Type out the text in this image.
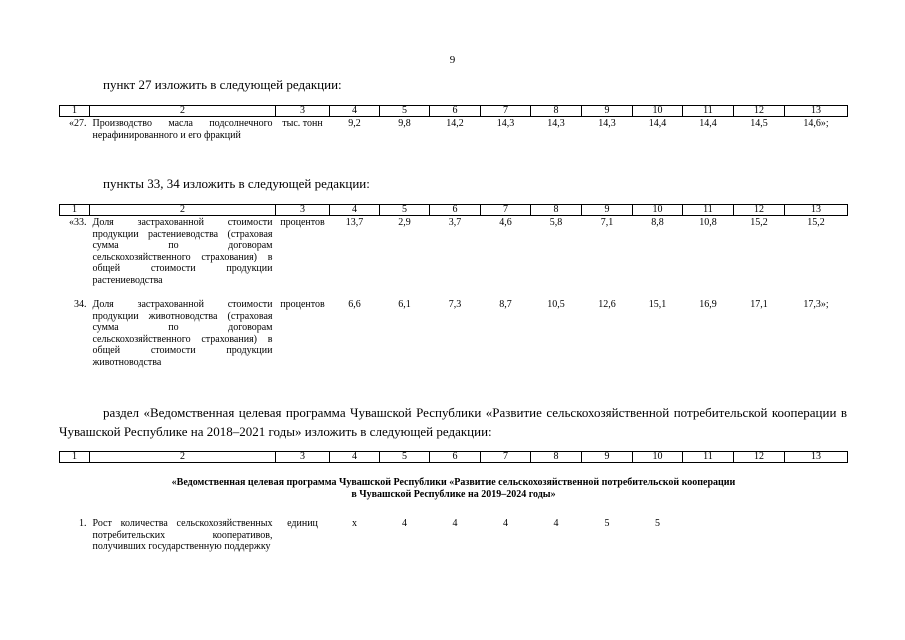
9
пункт 27 изложить в следующей редакции:
1	2	3	4	5	6	7	8	9	10	11	12	13
«27.	Производство масла подсолнечного нерафинированного и его фракций	тыс. тонн	9,2	9,8	14,2	14,3	14,3	14,3	14,4	14,4	14,5	14,6»;
пункты 33, 34 изложить в следующей редакции:
1	2	3	4	5	6	7	8	9	10	11	12	13
«33.	Доля застрахованной стоимости продукции растениеводства (страховая сумма по договорам сельскохозяйственного страхования) в общей стоимости продукции растениеводства	процентов	13,7	2,9	3,7	4,6	5,8	7,1	8,8	10,8	15,2	15,2

34.	Доля застрахованной стоимости продукции животноводства (страховая сумма по договорам сельскохозяйственного страхования) в общей стоимости продукции животноводства	процентов	6,6	6,1	7,3	8,7	10,5	12,6	15,1	16,9	17,1	17,3»;
раздел «Ведомственная целевая программа Чувашской Республики «Развитие сельскохозяйственной потребительской кооперации в Чувашской Республике на 2018–2021 годы» изложить в следующей редакции:
1	2	3	4	5	6	7	8	9	10	11	12	13

«Ведомственная целевая программа Чувашской Республики «Развитие сельскохозяйственной потребительской кооперации
в Чувашской Республике на 2019–2024 годы»												

1.	Рост количества сельскохозяйственных потребительских кооперативов, получивших государственную поддержку	единиц	х	4	4	4	4	5	5			
